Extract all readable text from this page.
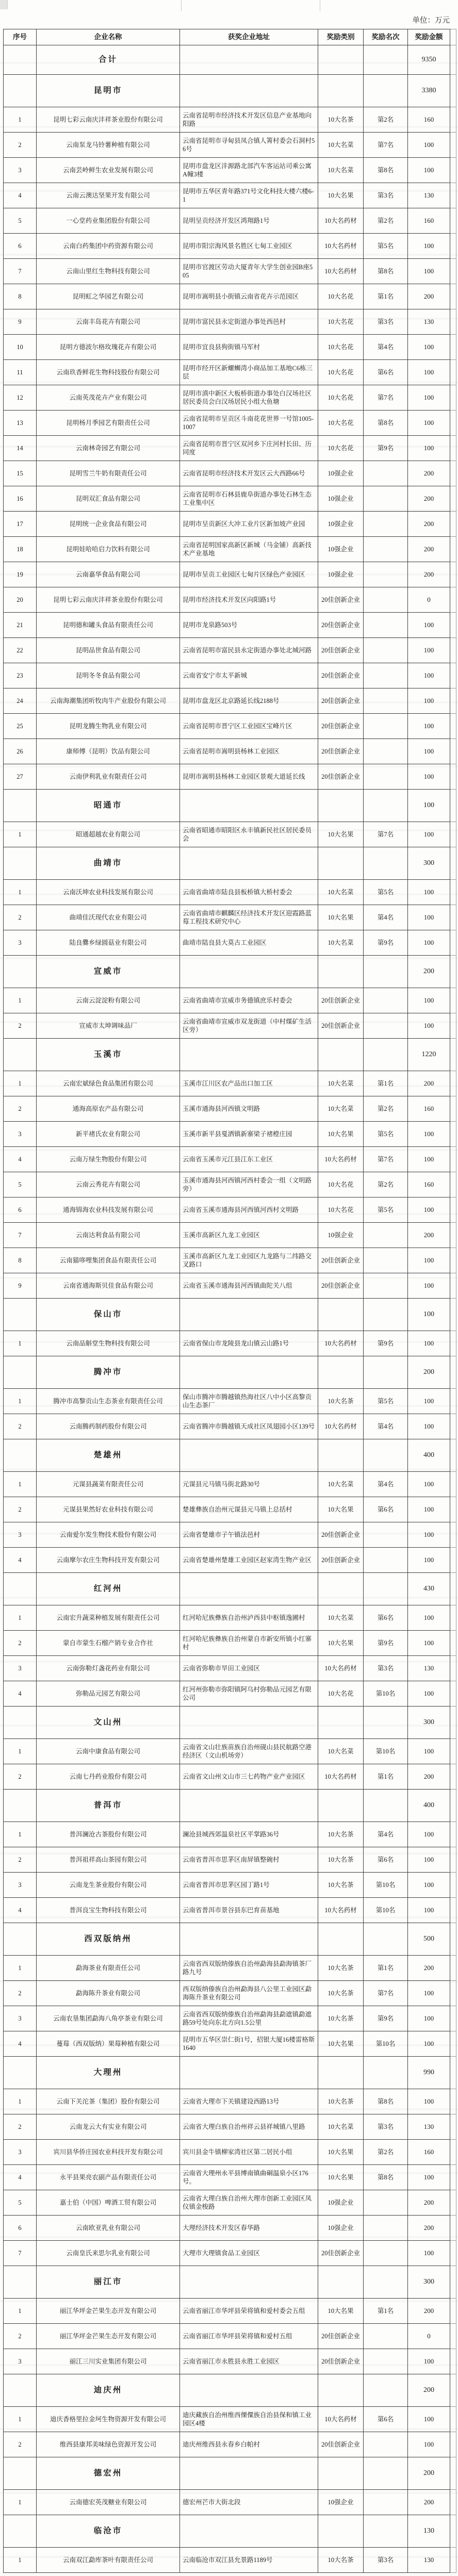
单位：万元
序号	企业名称	获奖企业地址	奖励类别	奖励名次	奖励金额	
	合计				9350	
	昆明市				3380	
1	昆明七彩云南庆沣祥茶业股份有限公司	云南省昆明市经济技术开发区信息产业基地向阳路	10大名茶	第2名	160	
2	云南泵龙马铃薯种植有限公司	云南省昆明市寻甸县凤合镇人箐村委会石洞村56号	10大名菜	第7名	100	
3	云南芸岭鲜生农业发展有限公司	昆明市盘龙区沣源路北部汽车客运站司乘公寓A幢3楼	10大名菜	第8名	100	
4	云南云澳达坚果开发有限公司	昆明市五华区青年路371号文化科技大楼六楼6-1	10大名果	第3名	130	
5	一心堂药业集团股份有限公司	昆明呈贡经济开发区鸿翔路1号	10大名药材	第2名	160	
6	云南白药集团中药资源有限公司	昆明市阳宗海风景名胜区七甸工业园区	10大名药材	第5名	100	
7	云南山里红生物科技有限公司	昆明市官渡区劳动大厦青年大学生创业园B座505	10大名药材	第8名	100	
8	昆明虹之华园艺有限公司	昆明市嵩明县小街镇云南省花卉示范园区	10大名花	第1名	200	
9	云南丰岛花卉有限公司	昆明市富民县永定街道办事处西邑村	10大名花	第3名	130	
10	昆明方德波尔格玫瑰花卉有限公司	昆明市宜良县狗街镇马军村	10大名花	第4名	100	
11	云南玖香鲜花生物科技股份有限公司	昆明市经开区新螺蛳湾小商品加工基地C6栋三层	10大名花	第6名	100	
12	云南英茂花卉产业有限公司	昆明市滇中新区大板桥街道办事处白汉场社区居民委员会白汉场居民小组大鱼塘	10大名花	第7名	100	
13	昆明杨月季园艺有限责任公司	云南省昆明市呈贡区斗南花花世界一号馆1005-1007	10大名花	第8名	100	
14	云南林奇园艺有限公司	云南省昆明市晋宁区双河乡下庄河村长田、历同度	10大名花	第9名	100	
15	昆明雪兰牛奶有限责任公司	云南省昆明市经济技术开发区云大西路66号	10强企业		200	
16	昆明双汇食品有限公司	云南省昆明市石林县鹿阜街道办事处石林生态工业集中区	10强企业		200	
17	昆明统一企业食品有限公司	昆明市呈贡新区大冲工业片区新加坡产业园	10强企业		200	
18	昆明娃哈哈启力饮料有限公司	云南省昆明国家高新区新城（马金铺）高新技术产业基地	10强企业		200	
19	云南嘉华食品有限公司	昆明市呈贡工业园区七甸片区绿色产业园区	10强企业		200	
20	昆明七彩云南庆沣祥茶业股份有限公司	昆明市经济技术开发区向阳路1号	20佳创新企业		0	
21	昆明德和罐头食品有限责任公司	昆明市龙泉路503号	20佳创新企业		100	
22	昆明品世食品有限公司	云南省昆明市富民县永定街道办事处北城河路	20佳创新企业		100	
23	昆明冬冬食品有限公司	云南省安宁市太平新城	20佳创新企业		100	
24	云南海潮集团听牧肉牛产业股份有限公司	昆明市盘龙区北京路延长线2188号	20佳创新企业		100	
25	昆明龙腾生物乳业有限公司	云南省昆明市晋宁区工业园区宝峰片区	20佳创新企业		100	
26	康师傅（昆明）饮品有限公司	云南省昆明市嵩明县杨林工业园区	20佳创新企业		100	
27	云南伊利乳业有限责任公司	昆明市嵩明县杨林工业园区景观大道延长线	20佳创新企业		100	
	昭通市				100	
1	昭通超越农业有限公司	云南省昭通市昭阳区永丰镇新民社区居民委员会	10大名果	第7名	100	
	曲靖市				300	
1	云南沃坤农业科技发展有限公司	云南省曲靖市陆良县板桥镇大桥村委会	10大名菜	第5名	100	
2	曲靖佳沃现代农业有限公司	云南省曲靖市麒麟区经济技术开发区迎霞路蓝莓工程技术研究中心	10大名果	第4名	100	
3	陆良爨乡绿圆菇业有限公司	曲靖市陆良县大莫古工业园区	10大名菜	第9名	100	
	宣威市				200	
1	云南云淀淀粉有限公司	云南省曲靖市宣威市务德镇庶乐村委会	20佳创新企业		100	
2	宣威市太坤调味品厂	云南省曲靖市宣威市双龙街道（中村煤矿生活区旁）	20佳创新企业		100	
	玉溪市				1220	
1	云南宏斌绿色食品集团有限公司	玉溪市江川区农产品出口加工区	10大名菜	第1名	200	
2	通海高原农产品有限公司	玉溪市通海县河西镇文明路	10大名菜	第2名	160	
3	新平褚氏农业有限公司	玉溪市新平县戛洒镇新寨梁子褚橙庄园	10大名果	第5名	100	
4	云南万绿生物股份有限公司	云南省玉溪市元江县江东工业区	10大名药材	第7名	100	
5	云南云秀花卉有限公司	玉溪市通海县河西镇河西村委会一组（文明路旁）	10大名花	第2名	160	
6	通海锦海农业科技发展有限公司	云南省玉溪市通海县河西镇河西村文明路	10大名花	第5名	100	
7	云南达利食品有限公司	玉溪市高新区九龙工业园区	10强企业		200	
8	云南猫哆哩集团食品有限责任公司	玉溪市高新区九龙工业园区九龙路与二纬路交叉路口	20佳创新企业		100	
9	云南省通海斯贝佳食品有限公司	云南省玉溪市通海县河西镇曲陀关八组	20佳创新企业		100	
	保山市				100	
1	云南品斛堂生物科技有限公司	云南省保山市龙陵县龙山镇云山路1号	10大名药材	第9名	100	
	腾冲市				200	
1	腾冲市高黎贡山生态茶业有限责任公司	保山市腾冲市腾越镇热海社区八中小区高黎贡山生态茶厂	10大名茶	第5名	100	
2	云南腾药制药股份有限公司	云南省腾冲市腾越镇天成社区凤翅园小区139号	10大名药材	第4名	100	
	楚雄州				400	
1	元谋县蔬菜有限责任公司	元谋县元马镇马街北路30号	10大名菜	第4名	100	
2	元谋县果然好农业科技有限公司	楚雄彝族自治州元谋县元马镇上总括村	10大名果	第6名	100	
3	云南爱尔发生物技术股份有限公司	云南省楚雄市子午镇法邑村	20佳创新企业		100	
4	云南摩尔农庄生物科技开发有限公司	云南省楚雄州楚雄工业园区赵家湾生物产业区	20佳创新企业		100	
	红河州				430	
1	云南宏升蔬菜种植发展有限责任公司	红河哈尼族彝族自治州泸西县中枢镇逸圃村	10大名菜	第6名	100	
2	蒙自市蒙生石榴产销专业合作社	红河哈尼族彝族自治州蒙自市新安所镇小红寨村	10大名果	第9名	100	
3	云南弥勒灯盏花药业有限公司	云南省弥勒市旱田工业园区	10大名药材	第3名	130	
4	弥勒品元园艺有限公司	红河州弥勒市弥阳镇阿乌村弥勒品元园艺有限公司	10大名花	第10名	100	
	文山州				300	
1	云南中康食品有限公司	云南省文山壮族苗族自治州砚山县民航路空港经济区（文山机场旁）	10大名菜	第10名	100	
2	云南七丹药业股份有限公司	云南省文山州文山市三七药物产业产业园区	10大名药材	第1名	200	
	普洱市				400	
1	普洱澜沧古茶股份有限公司	澜沧县城西郊温泉社区平掌路36号	10大名茶	第4名	100	
2	普洱祖祥高山茶园有限公司	云南省普洱市思茅区南屏镇整碗村	10大名茶	第6名	100	
3	云南龙生茶业股份有限公司	云南省普洱市思茅区园丁路1号	10大名茶	第10名	100	
4	普洱良宝生物科技有限公司	云南省普洱市景谷县东巴育苗基地	10大名药材	第10名	100	
	西双版纳州				500	
1	勐海茶业有限责任公司	云南省西双版纳傣族自治州勐海县勐海镇茶厂路九号	10大名茶	第1名	200	
2	勐海陈升茶业有限公司	西双版纳傣族自治州勐海县八公里工业园区勐海陈升茶业有限公司	10大名茶	第7名	100	
3	云南农垦集团勐海八角亭茶业有限公司	云南省西双版纳傣族自治州勐海县勐遮镇勐遮路59号处向东北方向1.5公里	10大名茶	第9名	100	
4	蔓莓（西双版纳）果莓种植有限公司	昆明市五华区崇仁街1号，招银大厦16楼雷格斯 1640	10大名果	第10名	100	
	大理州				990	
1	云南下关沱茶（集团）股份有限公司	云南省大理市下关镇建设西路13号	10大名茶	第8名	100	
2	云南龙云大有实业有限公司	云南省大理白族自治州祥云县祥城镇八里路	10大名菜	第3名	130	
3	宾川县华侨庄园农业科技开发有限公司	宾川县金牛镇柳家湾社区第二居民小组	10大名果	第2名	160	
4	永平县果亮农副产品有限责任公司	云南省大理州永平县博南镇曲硐温泉小区176号。	10大名果	第8名	100	
5	嘉士伯（中国）啤酒工贸有限公司	云南省大理白族自治州大理市创新工业园区凤仪镇金梭路	10强企业		200	
6	云南欧亚乳业有限公司	大理经济技术开发区春华路	10强企业		200	
7	云南皇氏来思尔乳业有限公司	大理市大理镇食品工业园区	20佳创新企业		100	
	丽江市				300	
1	丽江华坪金芒果生态开发有限公司	云南省丽江市华坪县荣将镇和爱村委会五组	10大名果	第1名	200	
2	丽江华坪金芒果生态开发有限公司	云南省丽江市华坪县荣将镇和爱村五组	20佳创新企业		0	
3	丽江三川实业集团有限公司	云南省丽江市永胜县永胜工业园区	20佳创新企业		100	
	迪庆州				200	
1	迪庆香格里拉金坷生物资源开发有限公司	迪庆藏族自治州维西傈僳族自治县保和镇工业园区4楼	10大名药材	第6名	100	
2	维西县康邦美味绿色资源开发公司	迪庆州维西县永春乡白帕村	20佳创新企业		100	
	德宏州				200	
1	云南德宏英茂糖业有限公司	德宏州芒市大街北段	10强企业		200	
	临沧市				130	
1	云南双江勐库茶叶有限责任公司	云南临沧市双江县允景路1189号	10大名茶	第3名	130	
